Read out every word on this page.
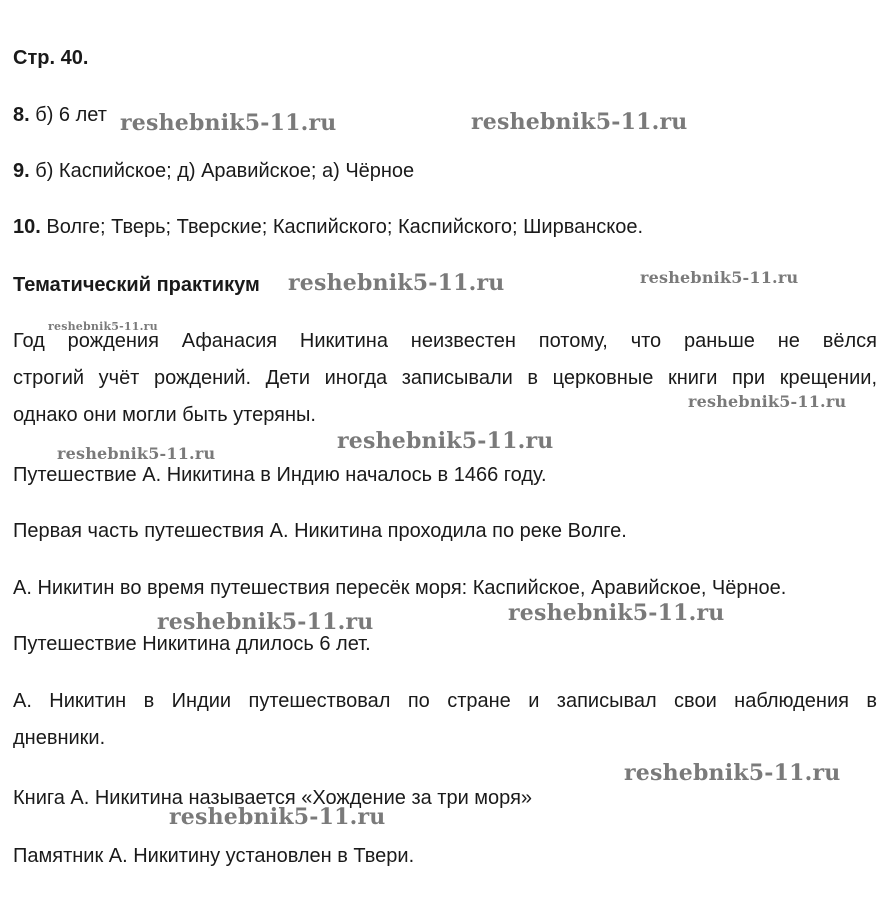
Стр. 40.
8. б) 6 лет
9. б) Каспийское; д) Аравийское; а) Чёрное
10. Волге; Тверь; Тверские; Каспийского; Каспийского; Ширванское.
Тематический практикум
Год рождения Афанасия Никитина неизвестен потому, что раньше не вёлся
строгий учёт рождений. Дети иногда записывали в церковные книги при крещении,
однако они могли быть утеряны.
Путешествие А. Никитина в Индию началось в 1466 году.
Первая часть путешествия А. Никитина проходила по реке Волге.
А. Никитин во время путешествия пересёк моря: Каспийское, Аравийское, Чёрное.
Путешествие Никитина длилось 6 лет.
А. Никитин в Индии путешествовал по стране и записывал свои наблюдения в
дневники.
Книга А. Никитина называется «Хождение за три моря»
Памятник А. Никитину установлен в Твери.
reshebnik5-11.ru	reshebnik5-11.ru
reshebnik5-11.ru	reshebnik5-11.ru
reshebnik5-11.ru
reshebnik5-11.ru
reshebnik5-11.ru	reshebnik5-11.ru
reshebnik5-11.ru	reshebnik5-11.ru
reshebnik5-11.ru
reshebnik5-11.ru
